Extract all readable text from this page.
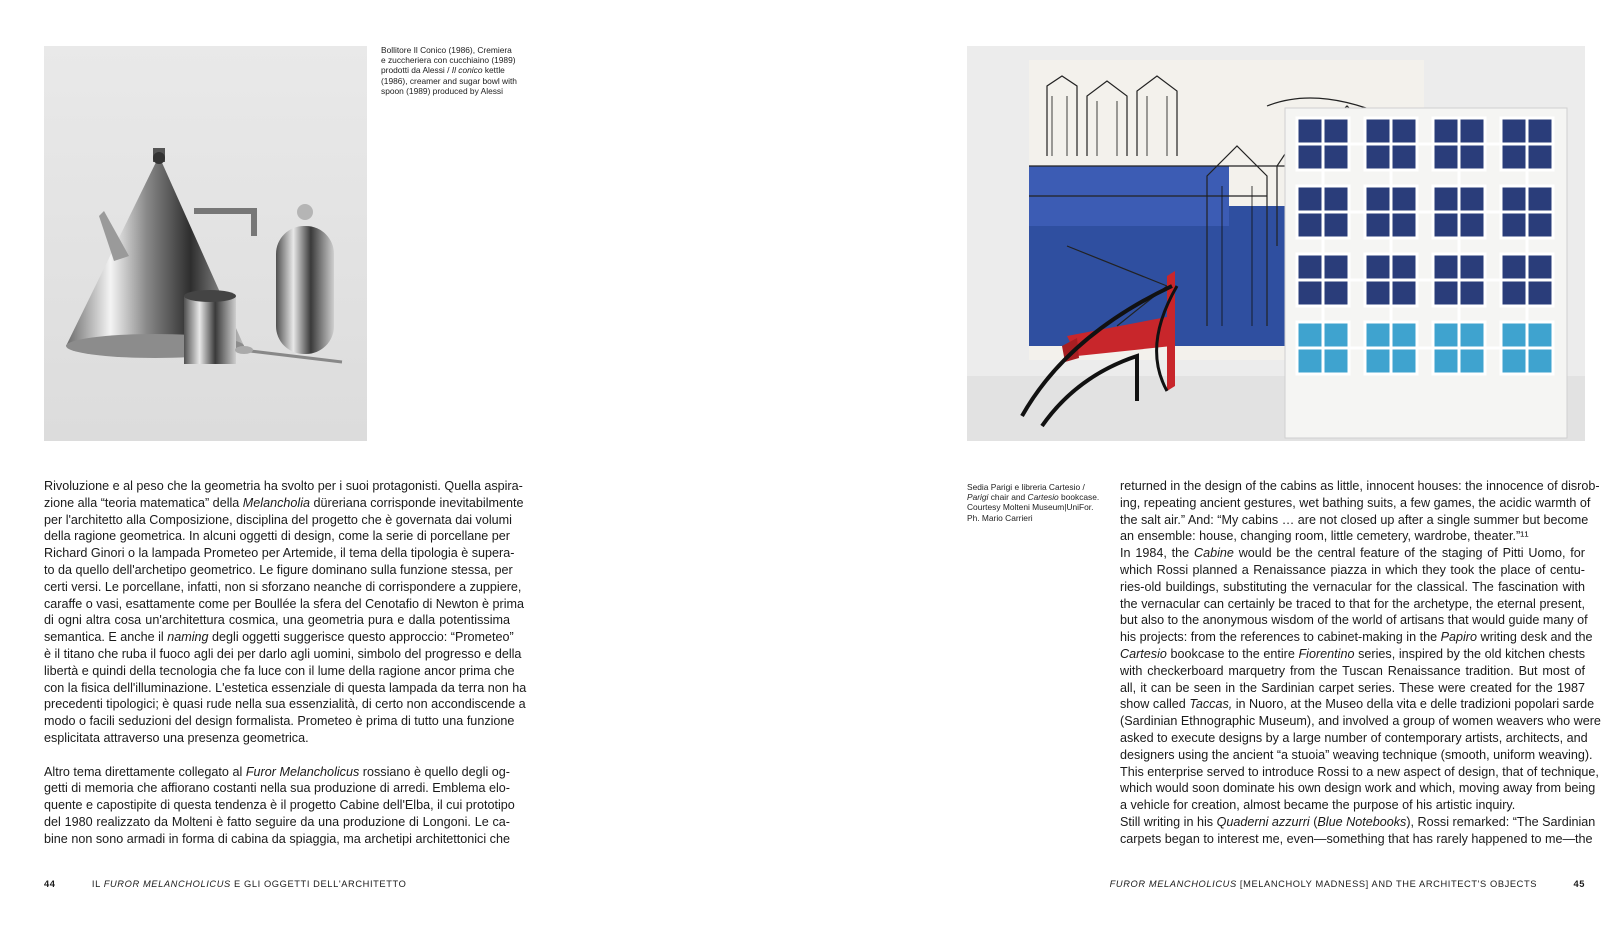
Bollitore Il Conico (1986), Cremiera

e zuccheriera con cucchiaino (1989)

prodotti da Alessi / Il conico kettle

(1986), creamer and sugar bowl with

spoon (1989) produced by Alessi

Rivoluzione e al peso che la geometria ha svolto per i suoi protagonisti. Quella aspira-
zione alla “teoria matematica” della Melancholia düreriana corrisponde inevitabilmente
per l'architetto alla Composizione, disciplina del progetto che è governata dai volumi
della ragione geometrica. In alcuni oggetti di design, come la serie di porcellane per
Richard Ginori o la lampada Prometeo per Artemide, il tema della tipologia è supera-
to da quello dell'archetipo geometrico. Le figure dominano sulla funzione stessa, per
certi versi. Le porcellane, infatti, non si sforzano neanche di corrispondere a zuppiere,
caraffe o vasi, esattamente come per Boullée la sfera del Cenotafio di Newton è prima
di ogni altra cosa un'architettura cosmica, una geometria pura e dalla potentissima
semantica. E anche il naming degli oggetti suggerisce questo approccio: “Prometeo”
è il titano che ruba il fuoco agli dei per darlo agli uomini, simbolo del progresso e della
libertà e quindi della tecnologia che fa luce con il lume della ragione ancor prima che
con la fisica dell'illuminazione. L'estetica essenziale di questa lampada da terra non ha
precedenti tipologici; è quasi rude nella sua essenzialità, di certo non accondiscende a
modo o facili seduzioni del design formalista. Prometeo è prima di tutto una funzione
esplicitata attraverso una presenza geometrica.
Altro tema direttamente collegato al Furor Melancholicus rossiano è quello degli og-
getti di memoria che affiorano costanti nella sua produzione di arredi. Emblema elo-
quente e capostipite di questa tendenza è il progetto Cabine dell'Elba, il cui prototipo
del 1980 realizzato da Molteni è fatto seguire da una produzione di Longoni. Le ca-
bine non sono armadi in forma di cabina da spiaggia, ma archetipi architettonici che
44	IL FUROR MELANCHOLICUS E GLI OGGETTI DELL'ARCHITETTO

Sedia Parigi e libreria Cartesio /

Parigi chair and Cartesio bookcase.

Courtesy Molteni Museum|UniFor.

Ph. Mario Carrieri

returned in the design of the cabins as little, innocent houses: the innocence of disrob-
ing, repeating ancient gestures, wet bathing suits, a few games, the acidic warmth of
the salt air.” And: “My cabins … are not closed up after a single summer but become
an ensemble: house, changing room, little cemetery, wardrobe, theater.”¹¹
In 1984, the Cabine would be the central feature of the staging of Pitti Uomo, for
which Rossi planned a Renaissance piazza in which they took the place of centu-
ries-old buildings, substituting the vernacular for the classical. The fascination with
the vernacular can certainly be traced to that for the archetype, the eternal present,
but also to the anonymous wisdom of the world of artisans that would guide many of
his projects: from the references to cabinet-making in the Papiro writing desk and the
Cartesio bookcase to the entire Fiorentino series, inspired by the old kitchen chests
with checkerboard marquetry from the Tuscan Renaissance tradition. But most of
all, it can be seen in the Sardinian carpet series. These were created for the 1987
show called Taccas, in Nuoro, at the Museo della vita e delle tradizioni popolari sarde
(Sardinian Ethnographic Museum), and involved a group of women weavers who were
asked to execute designs by a large number of contemporary artists, architects, and
designers using the ancient “a stuoia” weaving technique (smooth, uniform weaving).
This enterprise served to introduce Rossi to a new aspect of design, that of technique,
which would soon dominate his own design work and which, moving away from being
a vehicle for creation, almost became the purpose of his artistic inquiry.
Still writing in his Quaderni azzurri (Blue Notebooks), Rossi remarked: “The Sardinian
carpets began to interest me, even—something that has rarely happened to me—the
FUROR MELANCHOLICUS [MELANCHOLY MADNESS] AND THE ARCHITECT'S OBJECTS	45
